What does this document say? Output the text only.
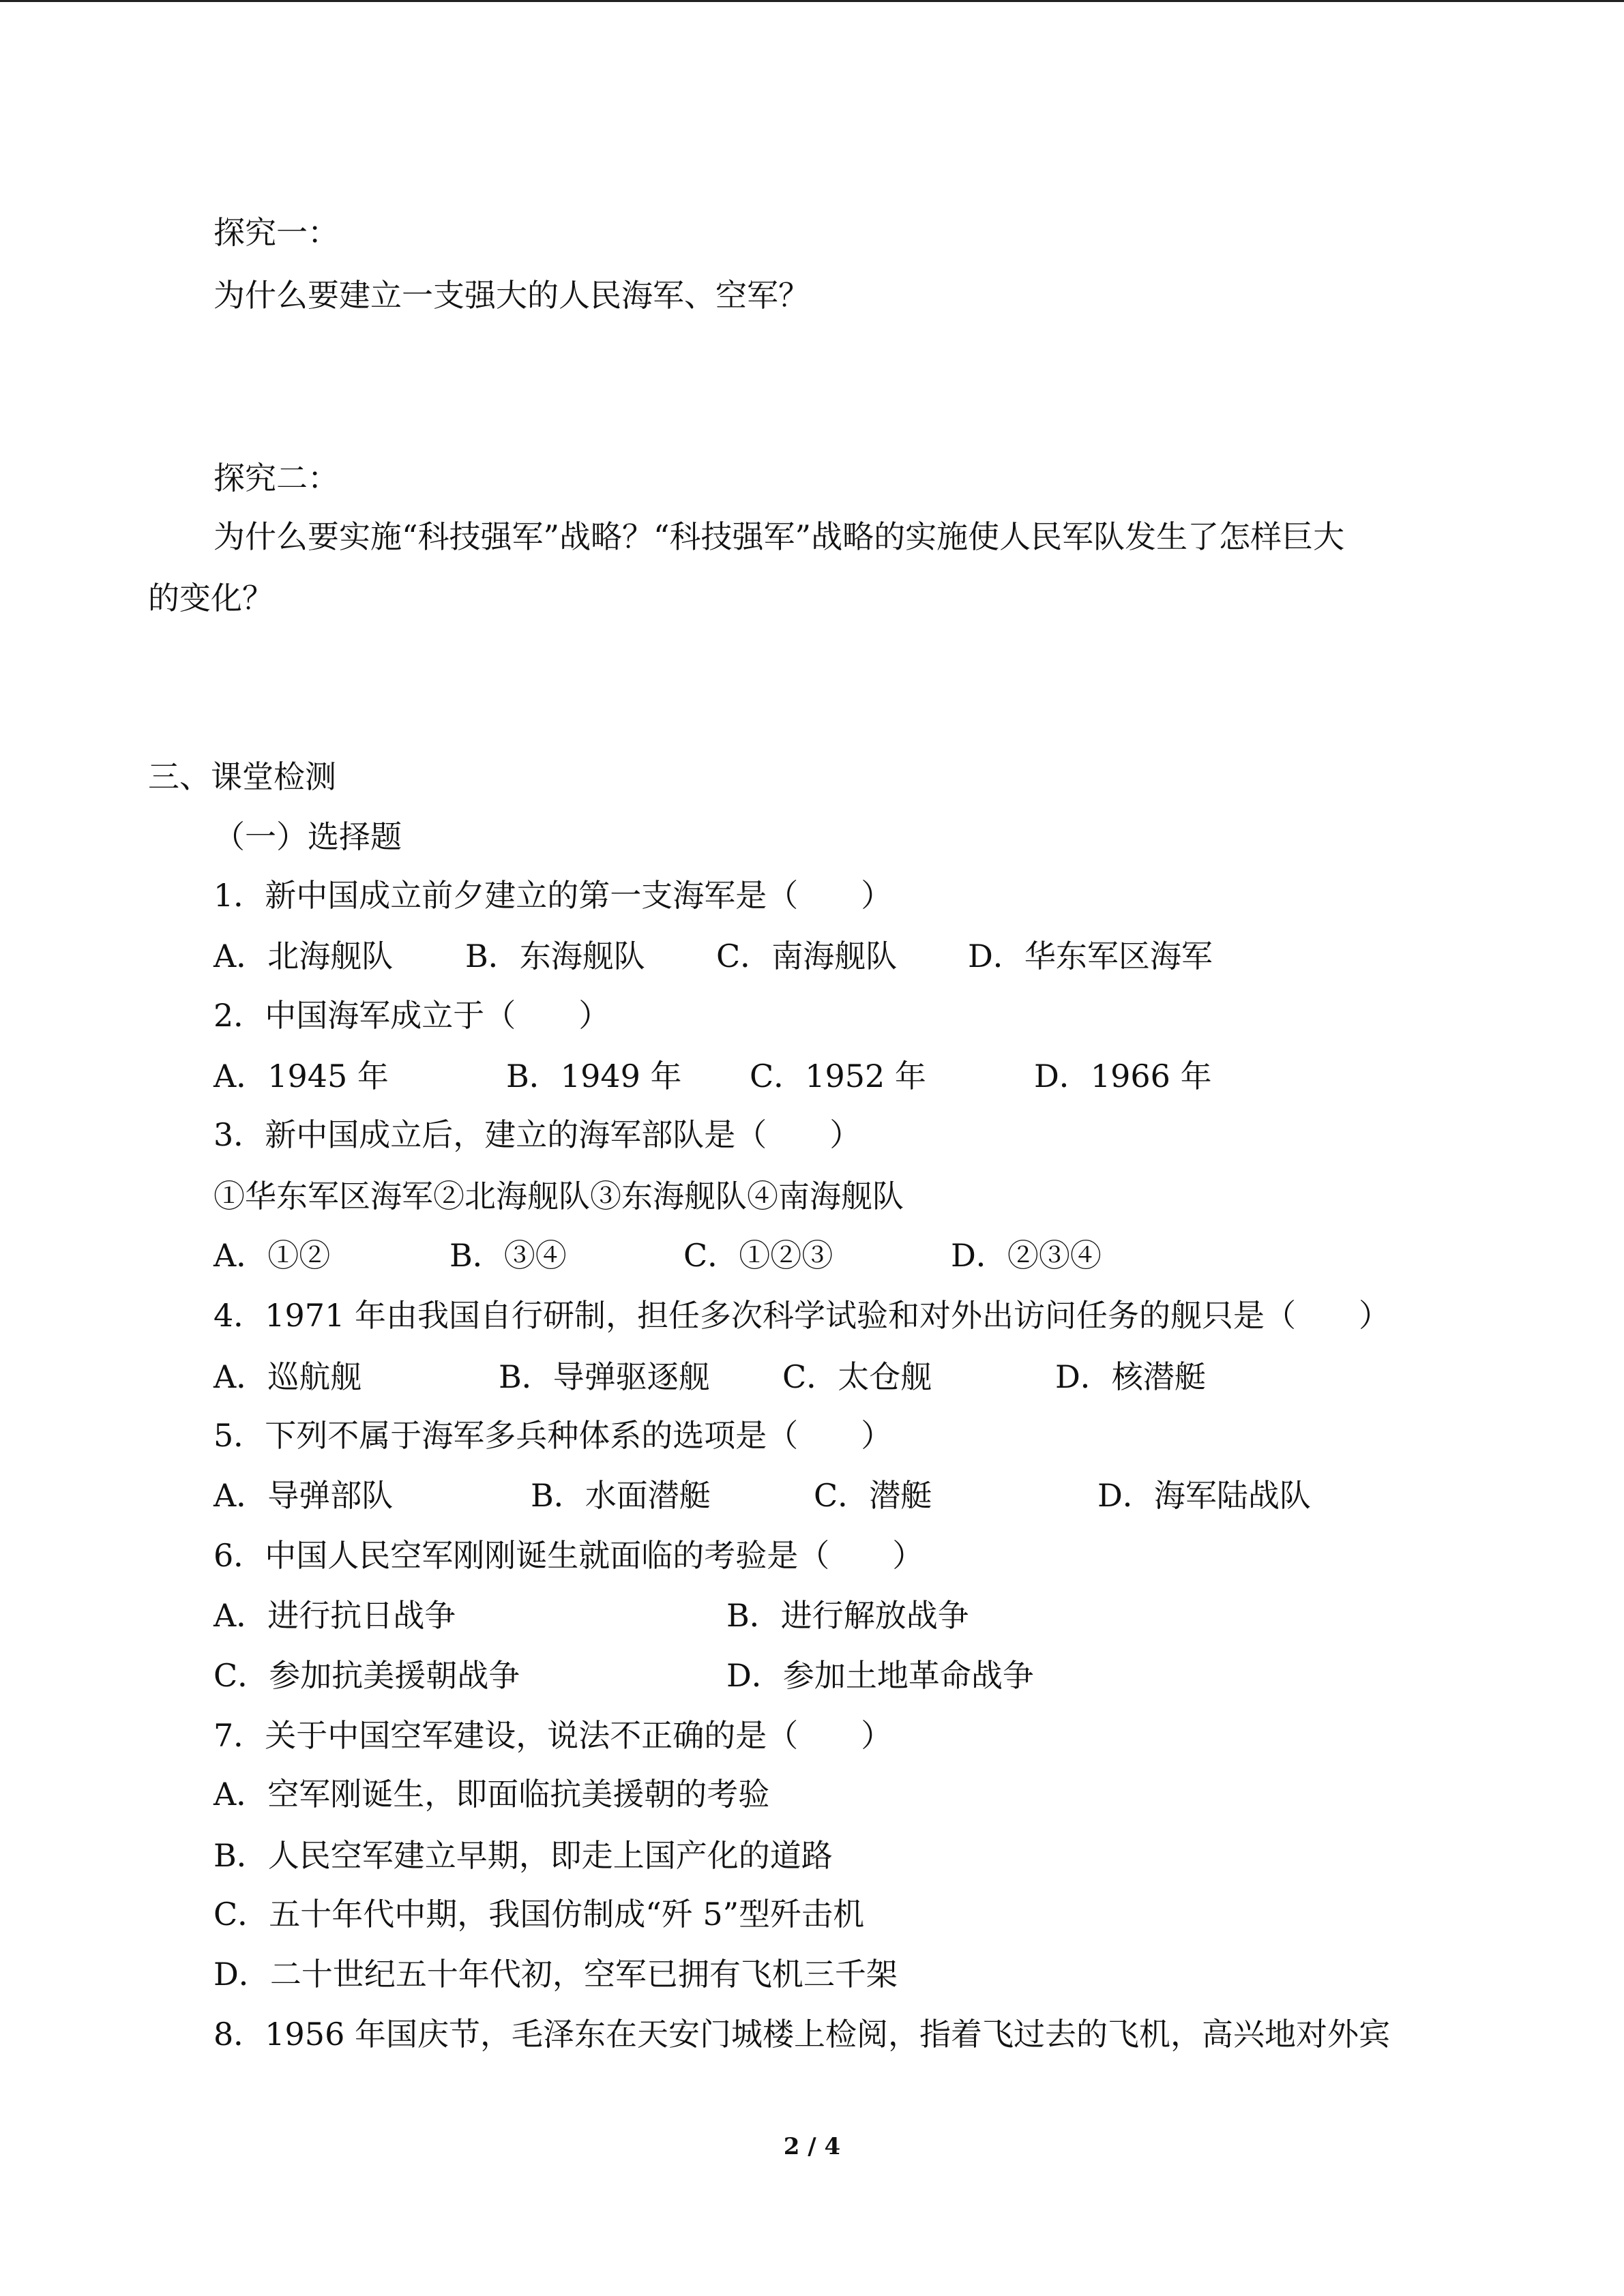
探究一：
为什么要建立一支强大的人民海军、空军？
探究二：
为什么要实施“科技强军”战略？“科技强军”战略的实施使人民军队发生了怎样巨大
的变化？
三、课堂检测
（一）选择题
1．新中国成立前夕建立的第一支海军是（　　）
A．北海舰队 B．东海舰队 C．南海舰队 D．华东军区海军
2．中国海军成立于（　　）
A．1945 年	B．1949 年 C．1952 年	D．1966 年
3．新中国成立后，建立的海军部队是（　　）
①华东军区海军②北海舰队③东海舰队④南海舰队
A．①②	B．③④	C．①②③	D．②③④
4．1971 年由我国自行研制，担任多次科学试验和对外出访问任务的舰只是（　　）
A．巡航舰	B．导弹驱逐舰 C．太仓舰	D．核潜艇
5．下列不属于海军多兵种体系的选项是（　　）
A．导弹部队	B．水面潜艇	C．潜艇	D．海军陆战队
6．中国人民空军刚刚诞生就面临的考验是（　　）
A．进行抗日战争	B．进行解放战争
C．参加抗美援朝战争	D．参加土地革命战争
7．关于中国空军建设，说法不正确的是（　　）
A．空军刚诞生，即面临抗美援朝的考验
B．人民空军建立早期，即走上国产化的道路
C．五十年代中期，我国仿制成“歼 5”型歼击机
D．二十世纪五十年代初，空军已拥有飞机三千架
8．1956 年国庆节，毛泽东在天安门城楼上检阅，指着飞过去的飞机，高兴地对外宾
2 / 4
